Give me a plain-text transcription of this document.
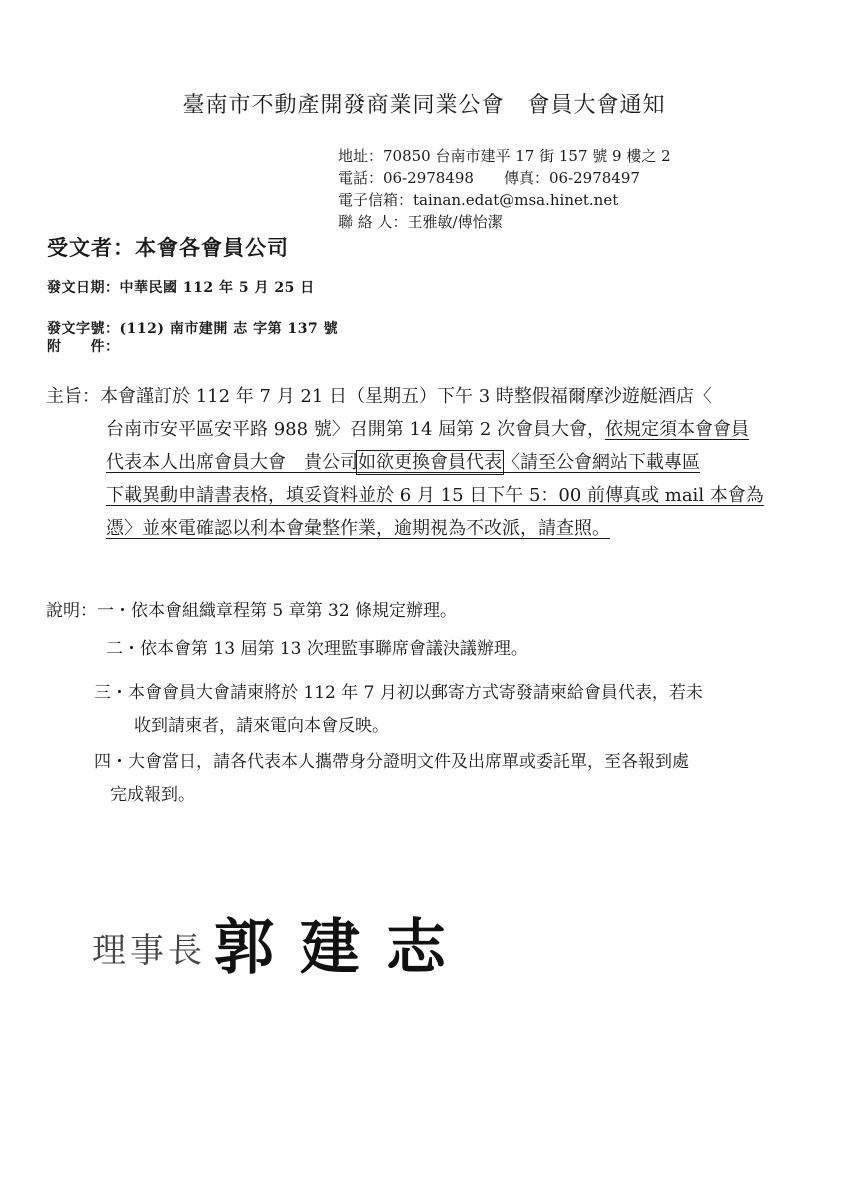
臺南市不動產開發商業同業公會　會員大會通知
地址：70850 台南市建平 17 街 157 號 9 樓之 2
電話：06-2978498　　傳真：06-2978497
電子信箱：tainan.edat@msa.hinet.net
聯 絡 人：王雅敏/傅怡潔
受文者：本會各會員公司
發文日期：中華民國 112 年 5 月 25 日
發文字號：(112) 南市建開 志 字第 137 號
附　　件：
主旨：本會謹訂於 112 年 7 月 21 日（星期五）下午 3 時整假福爾摩沙遊艇酒店〈
台南市安平區安平路 988 號〉召開第 14 屆第 2 次會員大會，依規定須本會會員
代表本人出席會員大會　貴公司如欲更換會員代表〈請至公會網站下載專區
下載異動申請書表格，填妥資料並於 6 月 15 日下午 5：00 前傳真或 mail 本會為
憑〉並來電確認以利本會彙整作業，逾期視為不改派，請查照。
說明：一・依本會組織章程第 5 章第 32 條規定辦理。
二・依本會第 13 屆第 13 次理監事聯席會議決議辦理。
三・本會會員大會請柬將於 112 年 7 月初以郵寄方式寄發請柬給會員代表，若未
收到請柬者，請來電向本會反映。
四・大會當日，請各代表本人攜帶身分證明文件及出席單或委託單，至各報到處
完成報到。
理事長 郭建志
